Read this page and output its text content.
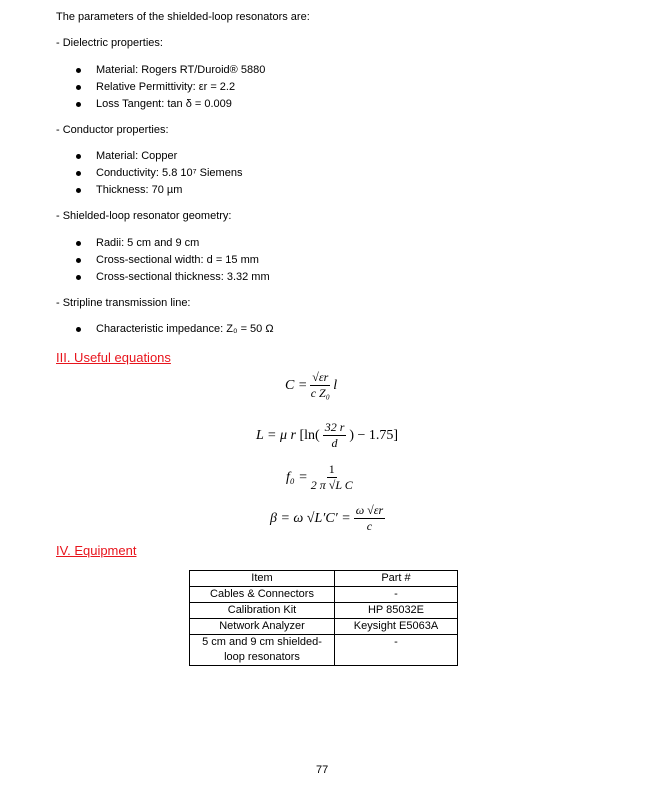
The parameters of the shielded-loop resonators are:
- Dielectric properties:
Material: Rogers RT/Duroid® 5880
Relative Permittivity: εr = 2.2
Loss Tangent: tan δ = 0.009
- Conductor properties:
Material: Copper
Conductivity: 5.8 10⁷ Siemens
Thickness: 70 µm
- Shielded-loop resonator geometry:
Radii: 5 cm and 9 cm
Cross-sectional width: d = 15 mm
Cross-sectional thickness: 3.32 mm
- Stripline transmission line:
Characteristic impedance: Z₀ = 50 Ω
III. Useful equations
$C = \frac{√\varepsilon r}{\text{c Z₀}}$ l
L = μ r
[$\ln( \frac{32 r}{d}$ ) − 1.75]
$f_0 = \frac{1}{\text{2 π √L C}}$
β = ω $√L'C' = \frac{\omega √\varepsilon r}{c}$
IV. Equipment
Item	Part #
Cables & Connectors	-
Calibration Kit	HP 85032E
Network Analyzer	Keysight E5063A
5 cm and 9 cm shielded-loop resonators	-
77
